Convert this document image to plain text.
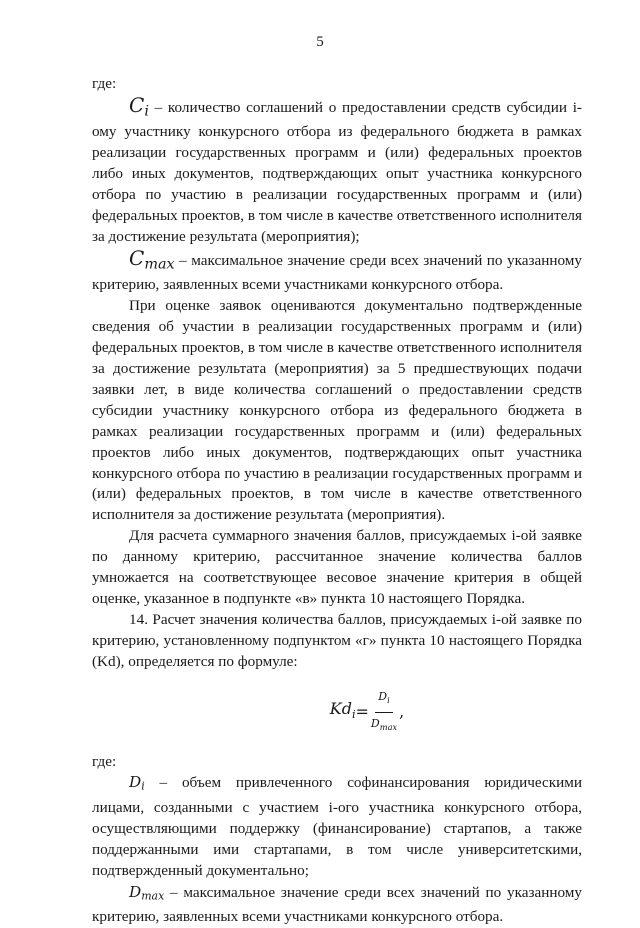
5

где:

$C_i$ – количество соглашений о предоставлении средств субсидии i-ому участнику конкурсного отбора из федерального бюджета в рамках реализации государственных программ и (или) федеральных проектов либо иных документов, подтверждающих опыт участника конкурсного отбора по участию в реализации государственных программ и (или) федеральных проектов, в том числе в качестве ответственного исполнителя за достижение результата (мероприятия);

$C_{max}$ – максимальное значение среди всех значений по указанному критерию, заявленных всеми участниками конкурсного отбора.

При оценке заявок оцениваются документально подтвержденные сведения об участии в реализации государственных программ и (или) федеральных проектов, в том числе в качестве ответственного исполнителя за достижение результата (мероприятия) за 5 предшествующих подачи заявки лет, в виде количества соглашений о предоставлении средств субсидии участнику конкурсного отбора из федерального бюджета в рамках реализации государственных программ и (или) федеральных проектов либо иных документов, подтверждающих опыт участника конкурсного отбора по участию в реализации государственных программ и (или) федеральных проектов, в том числе в качестве ответственного исполнителя за достижение результата (мероприятия).

Для расчета суммарного значения баллов, присуждаемых i-ой заявке по данному критерию, рассчитанное значение количества баллов умножается на соответствующее весовое значение критерия в общей оценке, указанное в подпункте «в» пункта 10 настоящего Порядка.

14. Расчет значения количества баллов, присуждаемых i-ой заявке по критерию, установленному подпунктом «г» пункта 10 настоящего Порядка (Kd), определяется по формуле:

$Kd_i = \frac{D_i}{D_{max}}$ ,

где:

$D_i$ – объем привлеченного софинансирования юридическими лицами, созданными с участием i-ого участника конкурсного отбора, осуществляющими поддержку (финансирование) стартапов, а также поддержанными ими стартапами, в том числе университетскими, подтвержденный документально;

$D_{max}$ – максимальное значение среди всех значений по указанному критерию, заявленных всеми участниками конкурсного отбора.
